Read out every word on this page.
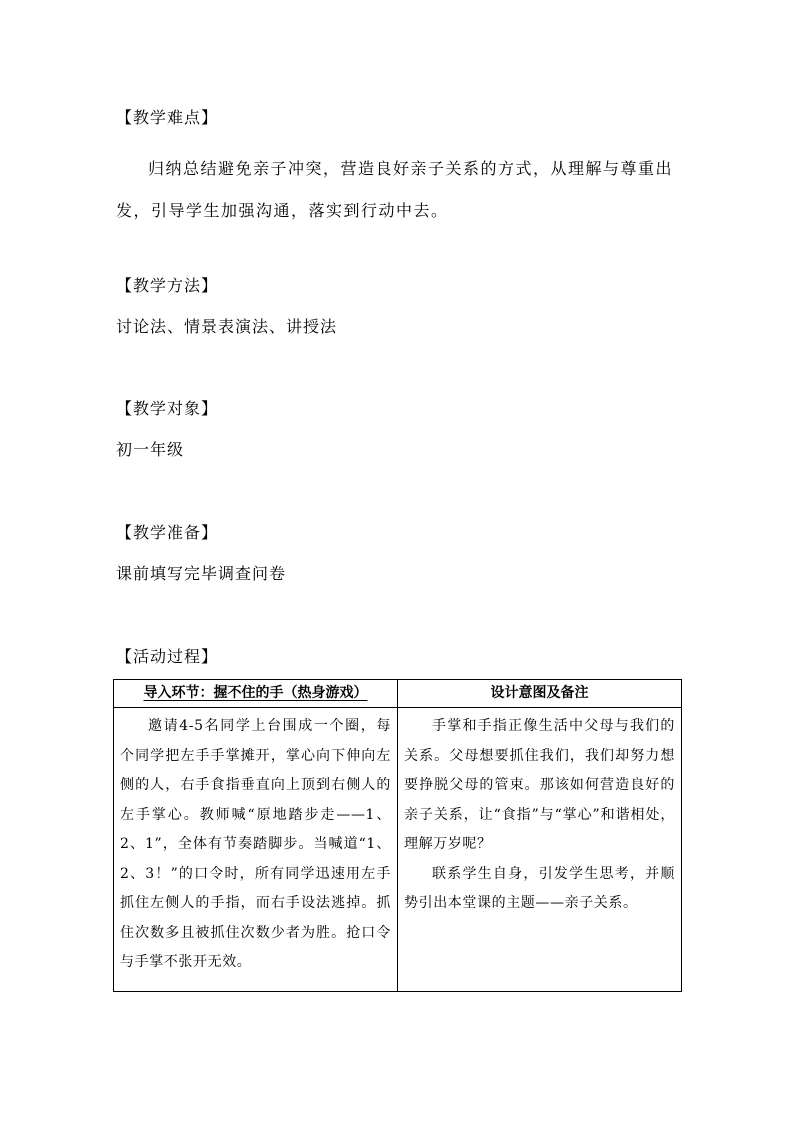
【教学难点】
归纳总结避免亲子冲突，营造良好亲子关系的方式，从理解与尊重出发，引导学生加强沟通，落实到行动中去。
【教学方法】
讨论法、情景表演法、讲授法
【教学对象】
初一年级
【教学准备】
课前填写完毕调查问卷
【活动过程】
导入环节：握不住的手（热身游戏）	设计意图及备注

邀请4-5名同学上台围成一个圈，每个同学把左手手掌摊开，掌心向下伸向左侧的人，右手食指垂直向上顶到右侧人的左手掌心。教师喊“原地踏步走——1、2、1”，全体有节奏踏脚步。当喊道“1、2、3！”的口令时，所有同学迅速用左手抓住左侧人的手指，而右手设法逃掉。抓住次数多且被抓住次数少者为胜。抢口令与手掌不张开无效。	手掌和手指正像生活中父母与我们的关系。父母想要抓住我们，我们却努力想要挣脱父母的管束。那该如何营造良好的亲子关系，让“食指”与“掌心”和谐相处，理解万岁呢？

联系学生自身，引发学生思考，并顺势引出本堂课的主题——亲子关系。
